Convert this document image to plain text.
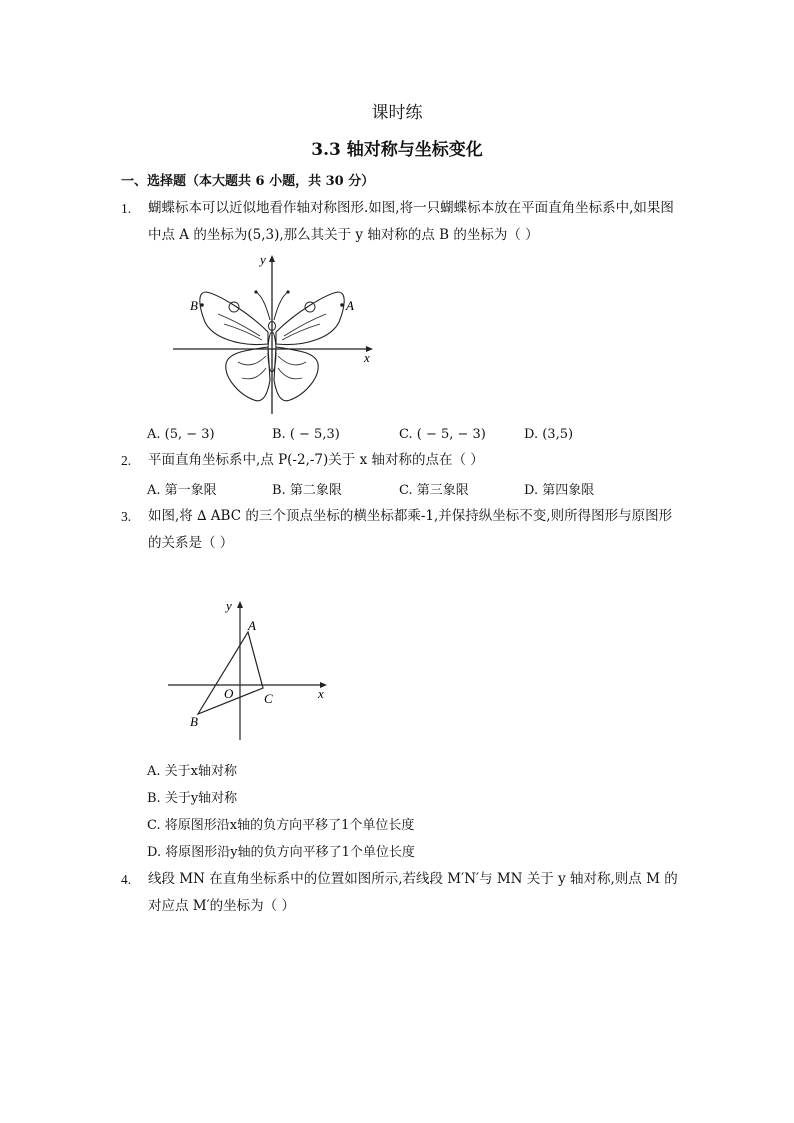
课时练
3.3 轴对称与坐标变化
一、选择题（本大题共 6 小题，共 30 分）
1.	蝴蝶标本可以近似地看作轴对称图形.如图,将一只蝴蝶标本放在平面直角坐标系中,如果图中点 A 的坐标为(5,3),那么其关于 y 轴对称的点 B 的坐标为（ ）
y
x
B	A
A. (5, − 3)	B. ( − 5,3)	C. ( − 5, − 3)	D. (3,5)
2.	平面直角坐标系中,点 P(-2,-7)关于 x 轴对称的点在（ ）
A. 第一象限	B. 第二象限	C. 第三象限	D. 第四象限
3.	如图,将 ∆ ABC 的三个顶点坐标的横坐标都乘-1,并保持纵坐标不变,则所得图形与原图形的关系是（ ）
y
x
O
A
C
B
A. 关于x轴对称
B. 关于y轴对称
C. 将原图形沿x轴的负方向平移了1个单位长度
D. 将原图形沿y轴的负方向平移了1个单位长度
4.	线段 MN 在直角坐标系中的位置如图所示,若线段 M′N′与 MN 关于 y 轴对称,则点 M 的对应点 M′的坐标为（ ）
